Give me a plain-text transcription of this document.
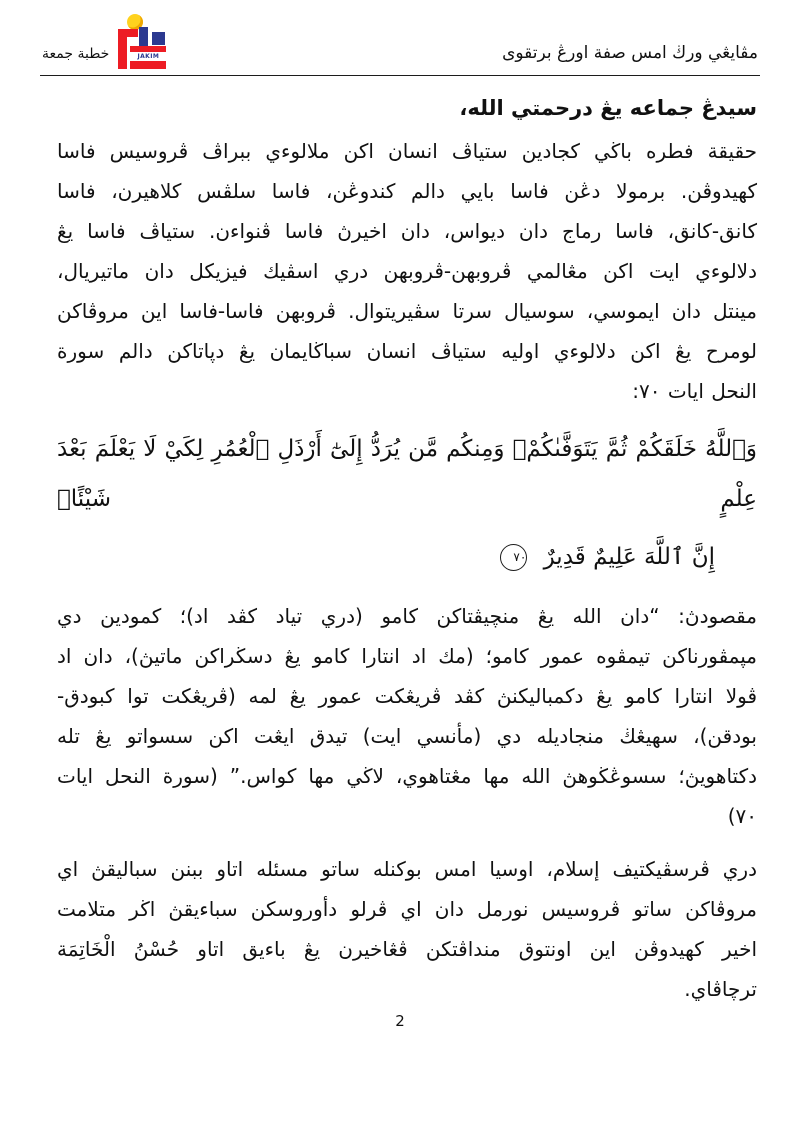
JAKIM
خطبة جمعة	مڤايڠي ورڬ امس صفة اورڠ برتقوى
سيدڠ جماعه يڠ درحمتي الله،
حقيقة فطره باڬي کجادين ستياڤ انسان اكن ملالوءي ببراڤ ڤروسيس فاسا
كهيدوڤن. برمولا دڠن فاسا بايي دالم كندوڠن، فاسا سلڤس كلاهيرن، فاسا
كانق-كانق، فاسا رماج دان ديواس، دان اخيرڽ فاسا ڤنواءن. ستياڤ فاسا يڠ
دلالوءي ايت اكن مڠالمي ڤروبهن-ڤروبهن دري اسڤيك فيزيكل دان ماتيريال،
مينتل دان ايموسي، سوسيال سرتا سڤيريتوال. ڤروبهن فاسا-فاسا اين مروڤاكن
لومرح يڠ اكن دلالوءي اوليه ستياڤ انسان سباڬايمان يڠ دڽاتاكن دالم سورة
النحل ايات ٧٠:
وَٱللَّهُ خَلَقَكُمْ ثُمَّ يَتَوَفَّىٰكُمْۚ وَمِنكُم مَّن يُرَدُّ إِلَىٰٓ أَرْذَلِ ٱلْعُمُرِ لِكَيْ لَا يَعْلَمَ بَعْدَ عِلْمٍ شَيْئًاۚ
إِنَّ ٱللَّهَ عَلِيمٌ قَدِيرٌ ٧٠
مقصودڽ: “دان الله يڠ منچيڤتاكن كامو (دري تياد كڤد اد)؛ كمودين دي
مڽمڤورناكن تيمڤوه عمور كامو؛ (مك اد انتارا كامو يڠ دسڬراكن ماتيڽ)، دان اد
ڤولا انتارا كامو يڠ دكمباليكنڽ كڤد ڤريڠكت عمور يڠ لمه (ڤريڠكت توا كبودق-
بودقن)، سهيڠڬ منجاديله دي (مأنسي ايت) تيدق ايڠت اكن سسواتو يڠ تله
دكتاهويڽ؛ سسوڠڬوهڽ الله مها مڠتاهوي، لاڬي مها كواس.” (سورة النحل ايات
٧٠)
دري ڤرسڤيكتيف إسلام، اوسيا امس بوكنله ساتو مسئله اتاو ببنن سباليقڽ اي
مروڤاكن ساتو ڤروسيس نورمل دان اي ڤرلو دأوروسكن سباءيقڽ اڬر متلامت
اخير كهيدوڤن اين اونتوق منداڤتكن ڤڠاخيرن يڠ باءيق اتاو حُسْنُ الْخَاتِمَة
ترچاڤاي.
2
